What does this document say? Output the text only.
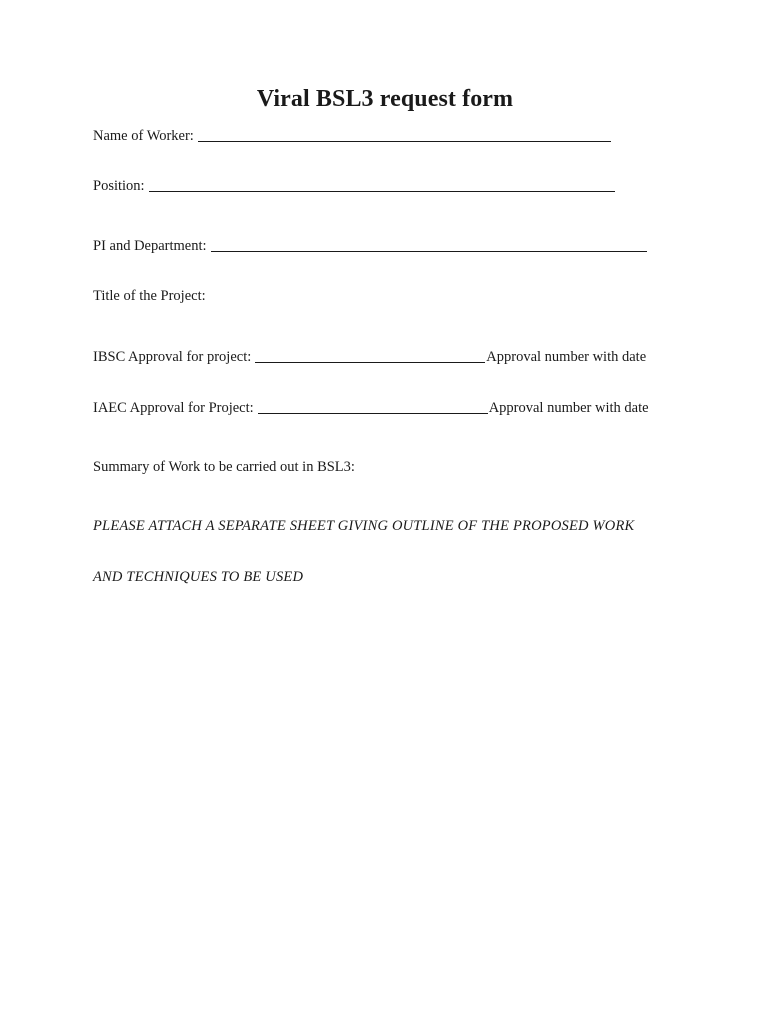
Viral BSL3 request form
Name of Worker:
Position:
PI and Department:
Title of the Project:
IBSC Approval for project:	Approval number with date
IAEC Approval for Project:	Approval number with date
Summary of Work to be carried out in BSL3:
PLEASE ATTACH A SEPARATE SHEET GIVING OUTLINE OF THE PROPOSED WORK
AND TECHNIQUES TO BE USED
